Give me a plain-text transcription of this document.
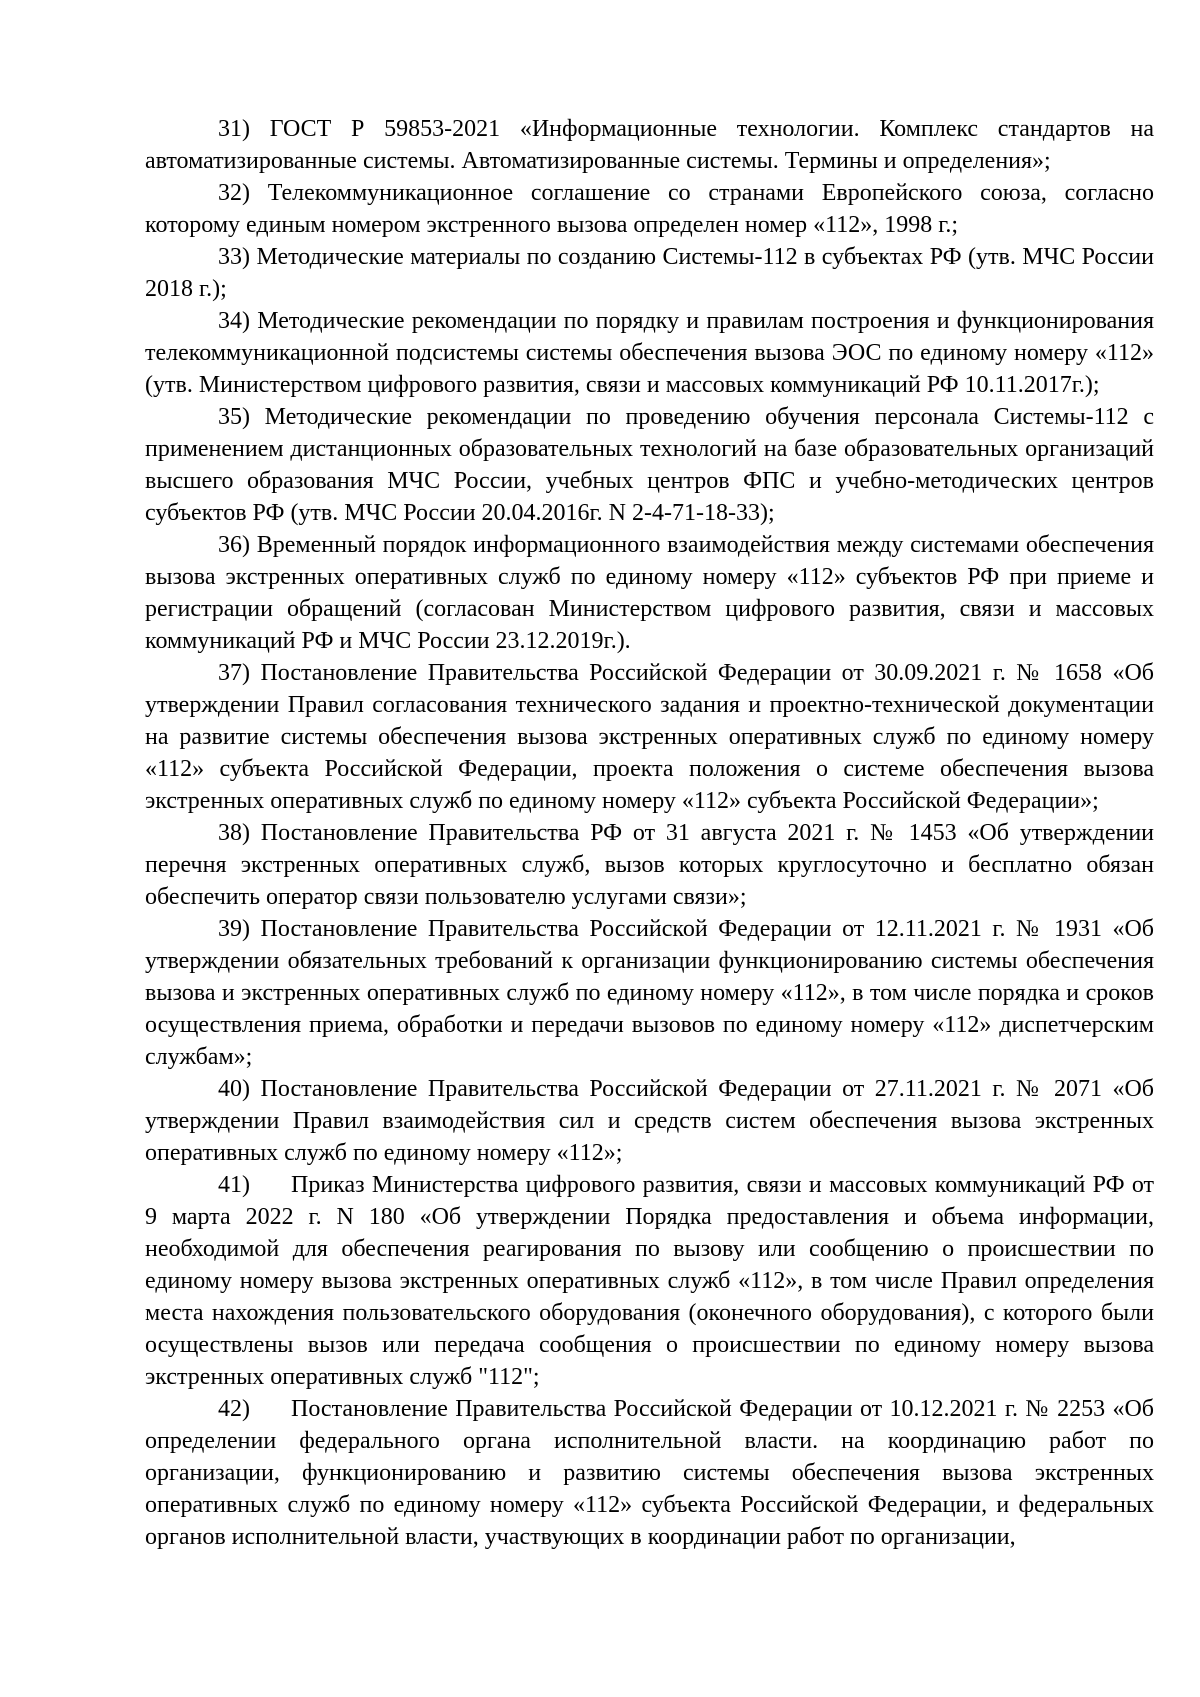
31) ГОСТ Р 59853-2021 «Информационные технологии. Комплекс стандартов на автоматизированные системы. Автоматизированные системы. Термины и определения»;

32) Телекоммуникационное соглашение со странами Европейского союза, согласно которому единым номером экстренного вызова определен номер «112», 1998 г.;

33) Методические материалы по созданию Системы-112 в субъектах РФ (утв. МЧС России 2018 г.);

34) Методические рекомендации по порядку и правилам построения и функционирования телекоммуникационной подсистемы системы обеспечения вызова ЭОС по единому номеру «112» (утв. Министерством цифрового развития, связи и массовых коммуникаций РФ 10.11.2017г.);

35) Методические рекомендации по проведению обучения персонала Системы-112 с применением дистанционных образовательных технологий на базе образовательных организаций высшего образования МЧС России, учебных центров ФПС и учебно-методических центров субъектов РФ (утв. МЧС России 20.04.2016г. N 2-4-71-18-33);

36) Временный порядок информационного взаимодействия между системами обеспечения вызова экстренных оперативных служб по единому номеру «112» субъектов РФ при приеме и регистрации обращений (согласован Министерством цифрового развития, связи и массовых коммуникаций РФ и МЧС России 23.12.2019г.).

37) Постановление Правительства Российской Федерации от 30.09.2021 г. № 1658 «Об утверждении Правил согласования технического задания и проектно-технической документации на развитие системы обеспечения вызова экстренных оперативных служб по единому номеру «112» субъекта Российской Федерации, проекта положения о системе обеспечения вызова экстренных оперативных служб по единому номеру «112» субъекта Российской Федерации»;

38) Постановление Правительства РФ от 31 августа 2021 г. № 1453 «Об утверждении перечня экстренных оперативных служб, вызов которых круглосуточно и бесплатно обязан обеспечить оператор связи пользователю услугами связи»;

39) Постановление Правительства Российской Федерации от 12.11.2021 г. № 1931 «Об утверждении обязательных требований к организации функционированию системы обеспечения вызова и экстренных оперативных служб по единому номеру «112», в том числе порядка и сроков осуществления приема, обработки и передачи вызовов по единому номеру «112» диспетчерским службам»;

40) Постановление Правительства Российской Федерации от 27.11.2021 г. № 2071 «Об утверждении Правил взаимодействия сил и средств систем обеспечения вызова экстренных оперативных служб по единому номеру «112»;

41) Приказ Министерства цифрового развития, связи и массовых коммуникаций РФ от 9 марта 2022 г. N 180 «Об утверждении Порядка предоставления и объема информации, необходимой для обеспечения реагирования по вызову или сообщению о происшествии по единому номеру вызова экстренных оперативных служб «112», в том числе Правил определения места нахождения пользовательского оборудования (оконечного оборудования), с которого были осуществлены вызов или передача сообщения о происшествии по единому номеру вызова экстренных оперативных служб "112";

42) Постановление Правительства Российской Федерации от 10.12.2021 г. № 2253 «Об определении федерального органа исполнительной власти. на координацию работ по организации, функционированию и развитию системы обеспечения вызова экстренных оперативных служб по единому номеру «112» субъекта Российской Федерации, и федеральных органов исполнительной власти, участвующих в координации работ по организации,
